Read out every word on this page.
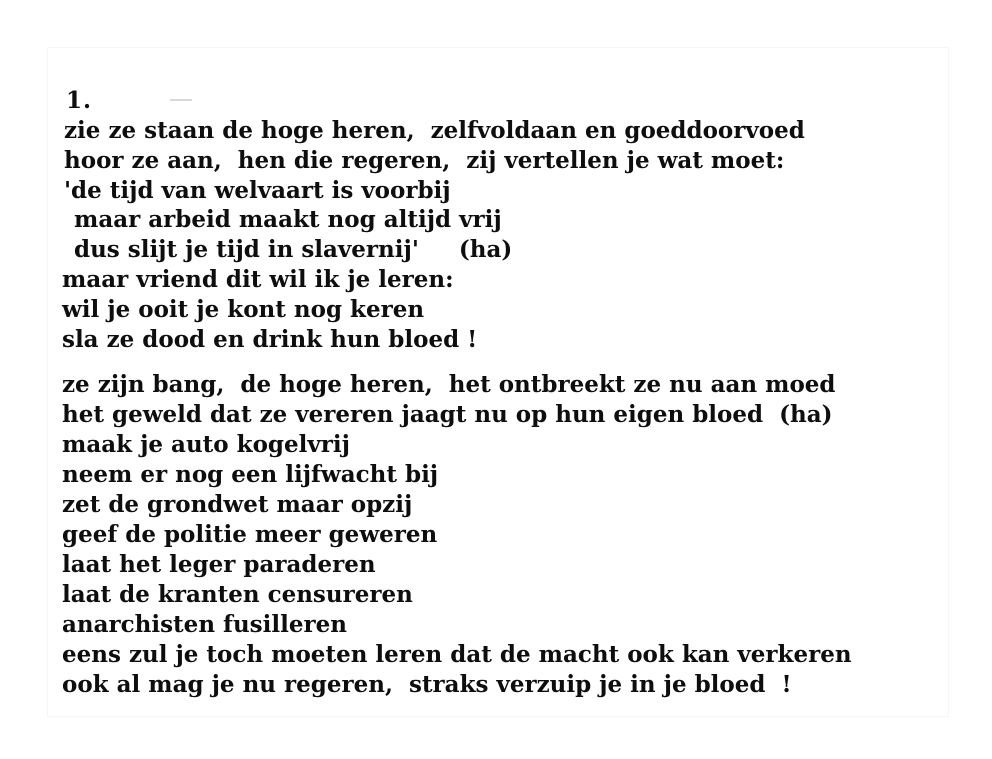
1.

zie ze staan de hoge heren,  zelfvoldaan en goeddoorvoed

hoor ze aan,  hen die regeren,  zij vertellen je wat moet:

'de tijd van welvaart is voorbij

maar arbeid maakt nog altijd vrij

dus slijt je tijd in slavernij'     (ha)

maar vriend dit wil ik je leren:

wil je ooit je kont nog keren

sla ze dood en drink hun bloed !

ze zijn bang,  de hoge heren,  het ontbreekt ze nu aan moed

het geweld dat ze vereren jaagt nu op hun eigen bloed  (ha)

maak je auto kogelvrij

neem er nog een lijfwacht bij

zet de grondwet maar opzij

geef de politie meer geweren

laat het leger paraderen

laat de kranten censureren

anarchisten fusilleren

eens zul je toch moeten leren dat de macht ook kan verkeren

ook al mag je nu regeren,  straks verzuip je in je bloed  !
